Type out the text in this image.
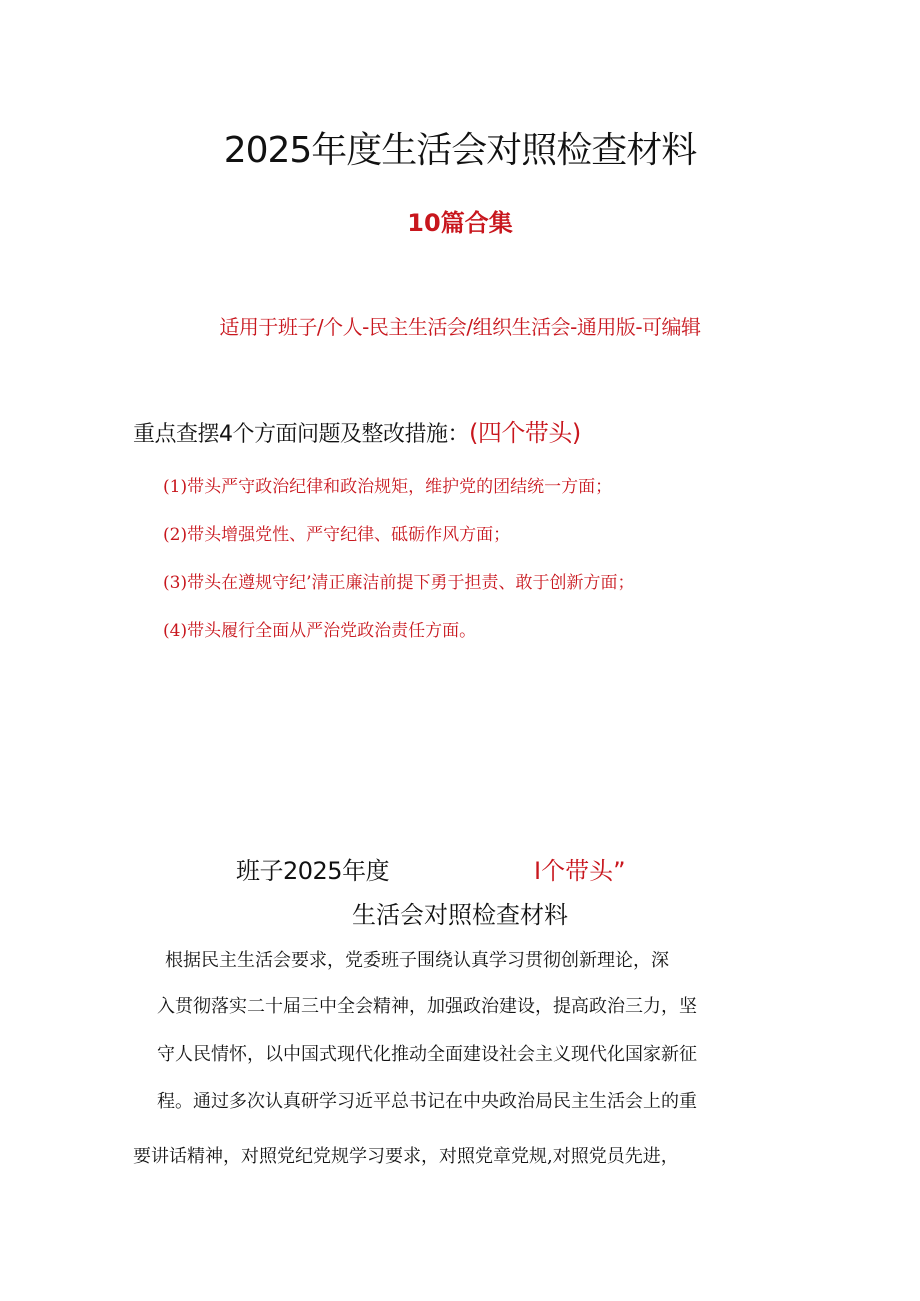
2025年度生活会对照检查材料
10篇合集
适用于班子/个人-民主生活会/组织生活会-通用版-可编辑
重点查摆4个方面问题及整改措施：(四个带头)
(1)带头严守政治纪律和政治规矩，维护党的团结统一方面；
(2)带头增强党性、严守纪律、砥砺作风方面；
(3)带头在遵规守纪’清正廉洁前提下勇于担责、敢于创新方面；
(4)带头履行全面从严治党政治责任方面。
班子2025年度	I个带头”
生活会对照检查材料
根据民主生活会要求，党委班子围绕认真学习贯彻创新理论，深
入贯彻落实二十届三中全会精神，加强政治建设，提高政治三力，坚
守人民情怀，以中国式现代化推动全面建设社会主义现代化国家新征
程。通过多次认真研学习近平总书记在中央政治局民主生活会上的重
要讲话精神，对照党纪党规学习要求，对照党章党规,对照党员先进，
